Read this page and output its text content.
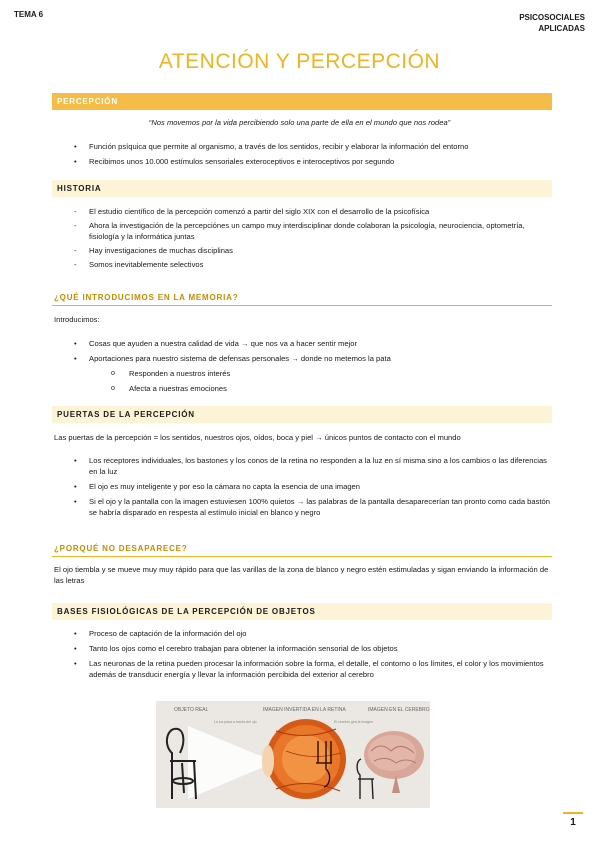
TEMA 6	PSICOSOCIALES
APLICADAS
ATENCIÓN Y PERCEPCIÓN
PERCEPCIÓN
“Nos movemos por la vida percibiendo solo una parte de ella en el mundo que nos rodea”
• Función psíquica que permite al organismo, a través de los sentidos, recibir y elaborar la información del entorno
• Recibimos unos 10.000 estímulos sensoriales exteroceptivos e interoceptivos por segundo
HISTORIA
- El estudio científico de la percepción comenzó a partir del siglo XIX con el desarrollo de la psicofísica
- Ahora la investigación de la percepciónes un campo muy interdisciplinar donde colaboran la psicología, neurociencia, optometría, fisiología y la informática juntas
- Hay investigaciones de muchas disciplinas
- Somos inevitablemente selectivos
¿QUÉ INTRODUCIMOS EN LA MEMORIA?
Introducimos:
• Cosas que ayuden a nuestra calidad de vida → que nos va a hacer sentir mejor
• Aportaciones para nuestro sistema de defensas personales → donde no metemos la pata
o Responden a nuestros interés
o Afecta a nuestras emociones
PUERTAS DE LA PERCEPCIÓN
Las puertas de la percepción = los sentidos, nuestros ojos, oídos, boca y piel → únicos puntos de contacto con el mundo
• Los receptores individuales, los bastones y los conos de la retina no responden a la luz en sí misma sino a los cambios o las diferencias en la luz
• El ojo es muy inteligente y por eso la cámara no capta la esencia de una imagen
• Si el ojo y la pantalla con la imagen estuviesen 100% quietos → las palabras de la pantalla desaparecerían tan pronto como cada bastón se habría disparado en respesta al estímulo inicial en blanco y negro
¿PORQUÉ NO DESAPARECE?
El ojo tiembla y se mueve muy muy rápido para que las varillas de la zona de blanco y negro estén estimuladas y sigan enviando la información de las letras
BASES FISIOLÓGICAS DE LA PERCEPCIÓN DE OBJETOS
• Proceso de captación de la información del ojo
• Tanto los ojos como el cerebro trabajan para obtener la información sensorial de los objetos
• Las neuronas de la retina pueden procesar la información sobre la forma, el detalle, el contorno o los límites, el color y los movimientos además de transducir energía y llevar la información percibida del exterior al cerebro
OBJETO REAL	IMAGEN INVERTIDA EN LA RETINA	IMAGEN EN EL CEREBRO
La luz pasa a través del ojo	El cerebro gira la imagen
1
